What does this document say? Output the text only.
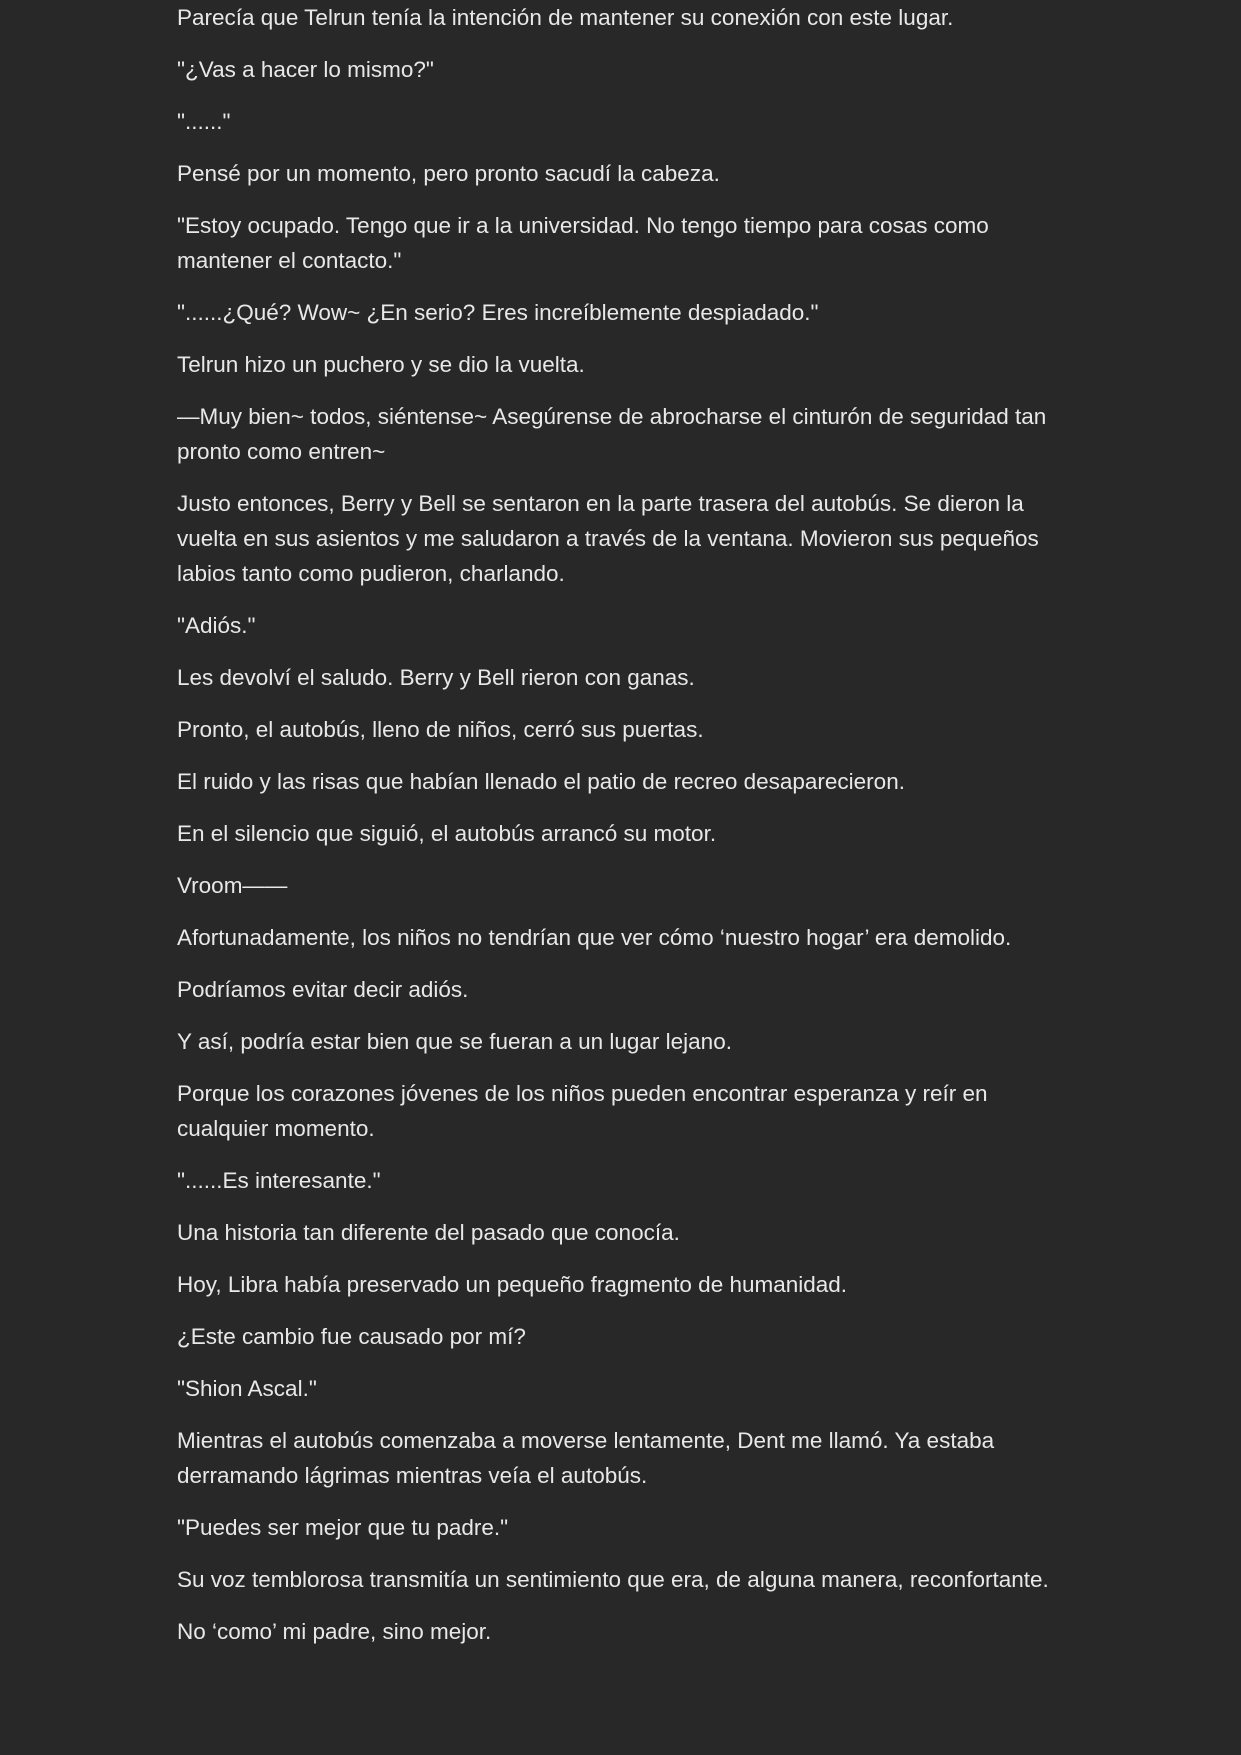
Parecía que Telrun tenía la intención de mantener su conexión con este lugar.

"¿Vas a hacer lo mismo?"

"......"

Pensé por un momento, pero pronto sacudí la cabeza.

"Estoy ocupado. Tengo que ir a la universidad. No tengo tiempo para cosas como mantener el contacto."

"......¿Qué? Wow~ ¿En serio? Eres increíblemente despiadado."

Telrun hizo un puchero y se dio la vuelta.

—Muy bien~ todos, siéntense~ Asegúrense de abrocharse el cinturón de seguridad tan pronto como entren~

Justo entonces, Berry y Bell se sentaron en la parte trasera del autobús. Se dieron la vuelta en sus asientos y me saludaron a través de la ventana. Movieron sus pequeños labios tanto como pudieron, charlando.

"Adiós."

Les devolví el saludo. Berry y Bell rieron con ganas.

Pronto, el autobús, lleno de niños, cerró sus puertas.

El ruido y las risas que habían llenado el patio de recreo desaparecieron.

En el silencio que siguió, el autobús arrancó su motor.

Vroom——

Afortunadamente, los niños no tendrían que ver cómo ‘nuestro hogar’ era demolido.

Podríamos evitar decir adiós.

Y así, podría estar bien que se fueran a un lugar lejano.

Porque los corazones jóvenes de los niños pueden encontrar esperanza y reír en cualquier momento.

"......Es interesante."

Una historia tan diferente del pasado que conocía.

Hoy, Libra había preservado un pequeño fragmento de humanidad.

¿Este cambio fue causado por mí?

"Shion Ascal."

Mientras el autobús comenzaba a moverse lentamente, Dent me llamó. Ya estaba derramando lágrimas mientras veía el autobús.

"Puedes ser mejor que tu padre."

Su voz temblorosa transmitía un sentimiento que era, de alguna manera, reconfortante.

No ‘como’ mi padre, sino mejor.
